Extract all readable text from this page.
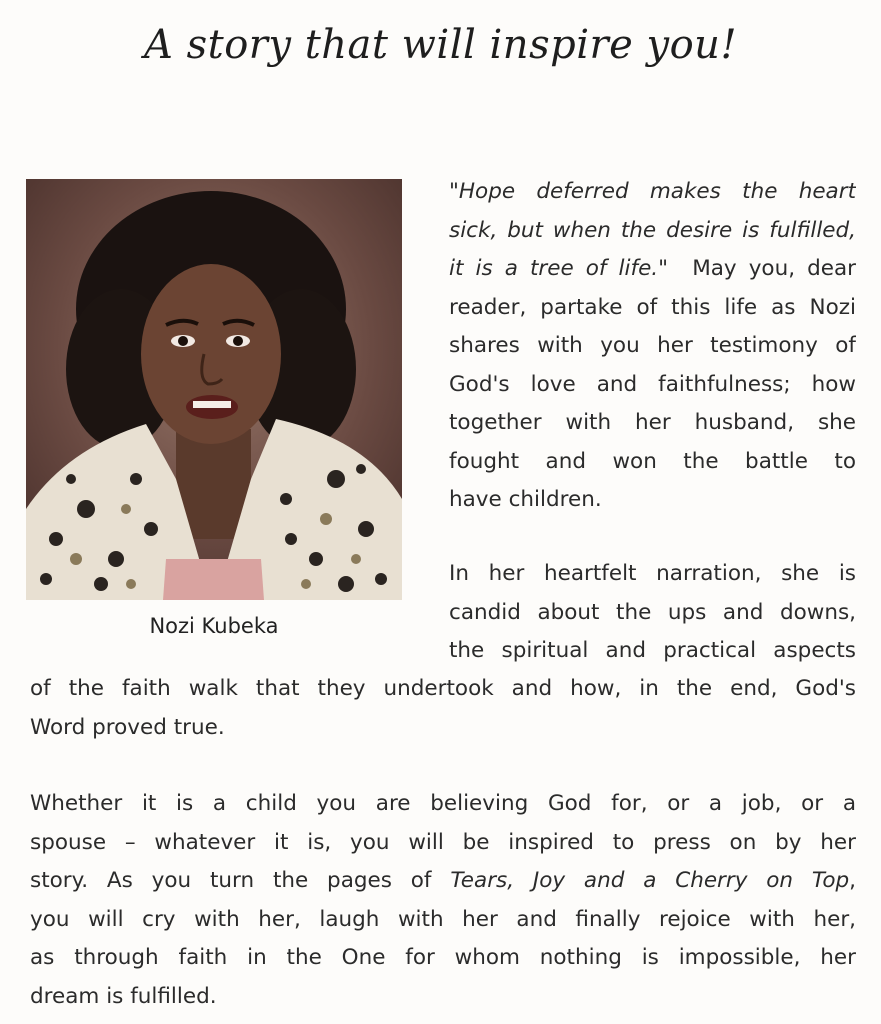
A story that will inspire you!
Nozi Kubeka
"Hope deferred makes the heart
sick, but when the desire is fulfilled,
it is a tree of life." May you, dear
reader, partake of this life as Nozi
shares with you her testimony of
God's love and faithfulness; how
together with her husband, she
fought and won the battle to
have children.
In her heartfelt narration, she is
candid about the ups and downs,
the spiritual and practical aspects
of the faith walk that they undertook and how, in the end, God's
Word proved true.
Whether it is a child you are believing God for, or a job, or a
spouse – whatever it is, you will be inspired to press on by her
story. As you turn the pages of Tears, Joy and a Cherry on Top,
you will cry with her, laugh with her and finally rejoice with her,
as through faith in the One for whom nothing is impossible, her
dream is fulfilled.
